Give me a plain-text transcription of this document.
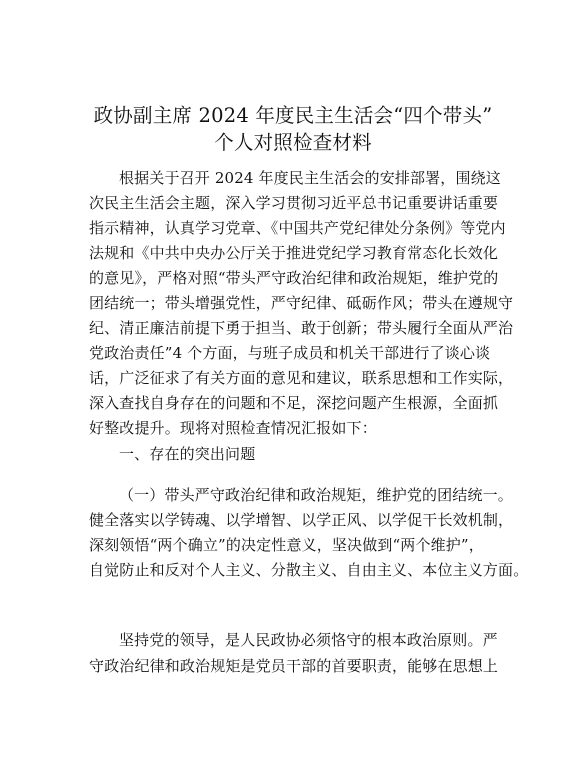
政协副主席 2024 年度民主生活会“四个带头”
个人对照检查材料
根据关于召开 2024 年度民主生活会的安排部署，围绕这
次民主生活会主题，深入学习贯彻习近平总书记重要讲话重要
指示精神，认真学习党章、《中国共产党纪律处分条例》等党内
法规和《中共中央办公厅关于推进党纪学习教育常态化长效化
的意见》，严格对照“带头严守政治纪律和政治规矩，维护党的
团结统一；带头增强党性，严守纪律、砥砺作风；带头在遵规守
纪、清正廉洁前提下勇于担当、敢于创新；带头履行全面从严治
党政治责任”4 个方面，与班子成员和机关干部进行了谈心谈
话，广泛征求了有关方面的意见和建议，联系思想和工作实际，
深入查找自身存在的问题和不足，深挖问题产生根源，全面抓
好整改提升。现将对照检查情况汇报如下：
一、存在的突出问题
（一）带头严守政治纪律和政治规矩，维护党的团结统一。
健全落实以学铸魂、以学增智、以学正风、以学促干长效机制，
深刻领悟“两个确立”的决定性意义，坚决做到“两个维护”，
自觉防止和反对个人主义、分散主义、自由主义、本位主义方面。
坚持党的领导，是人民政协必须恪守的根本政治原则。严
守政治纪律和政治规矩是党员干部的首要职责，能够在思想上
